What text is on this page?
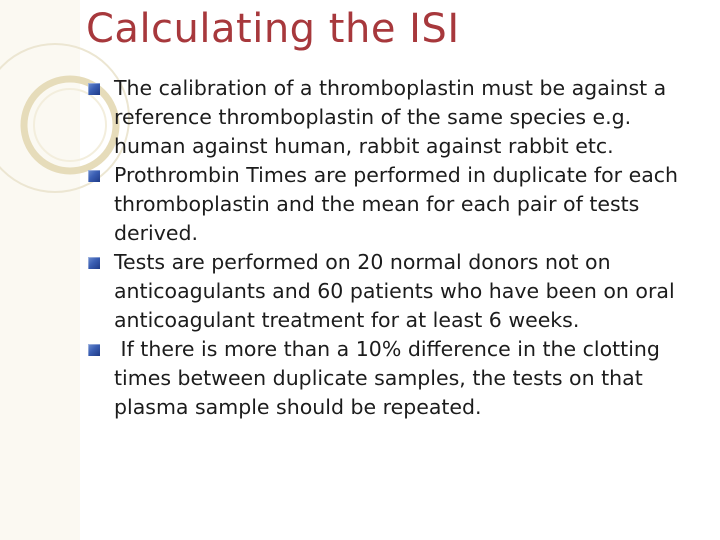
Calculating the ISI
The calibration of a thromboplastin must be against a reference thromboplastin of the same species e.g. human against human, rabbit against rabbit etc.
Prothrombin Times are performed in duplicate for each thromboplastin and the mean for each pair of tests derived.
Tests are performed on 20 normal donors not on anticoagulants and 60 patients who have been on oral anticoagulant treatment for at least 6 weeks.
If there is more than a 10% difference in the clotting times between duplicate samples, the tests on that plasma sample should be repeated.
